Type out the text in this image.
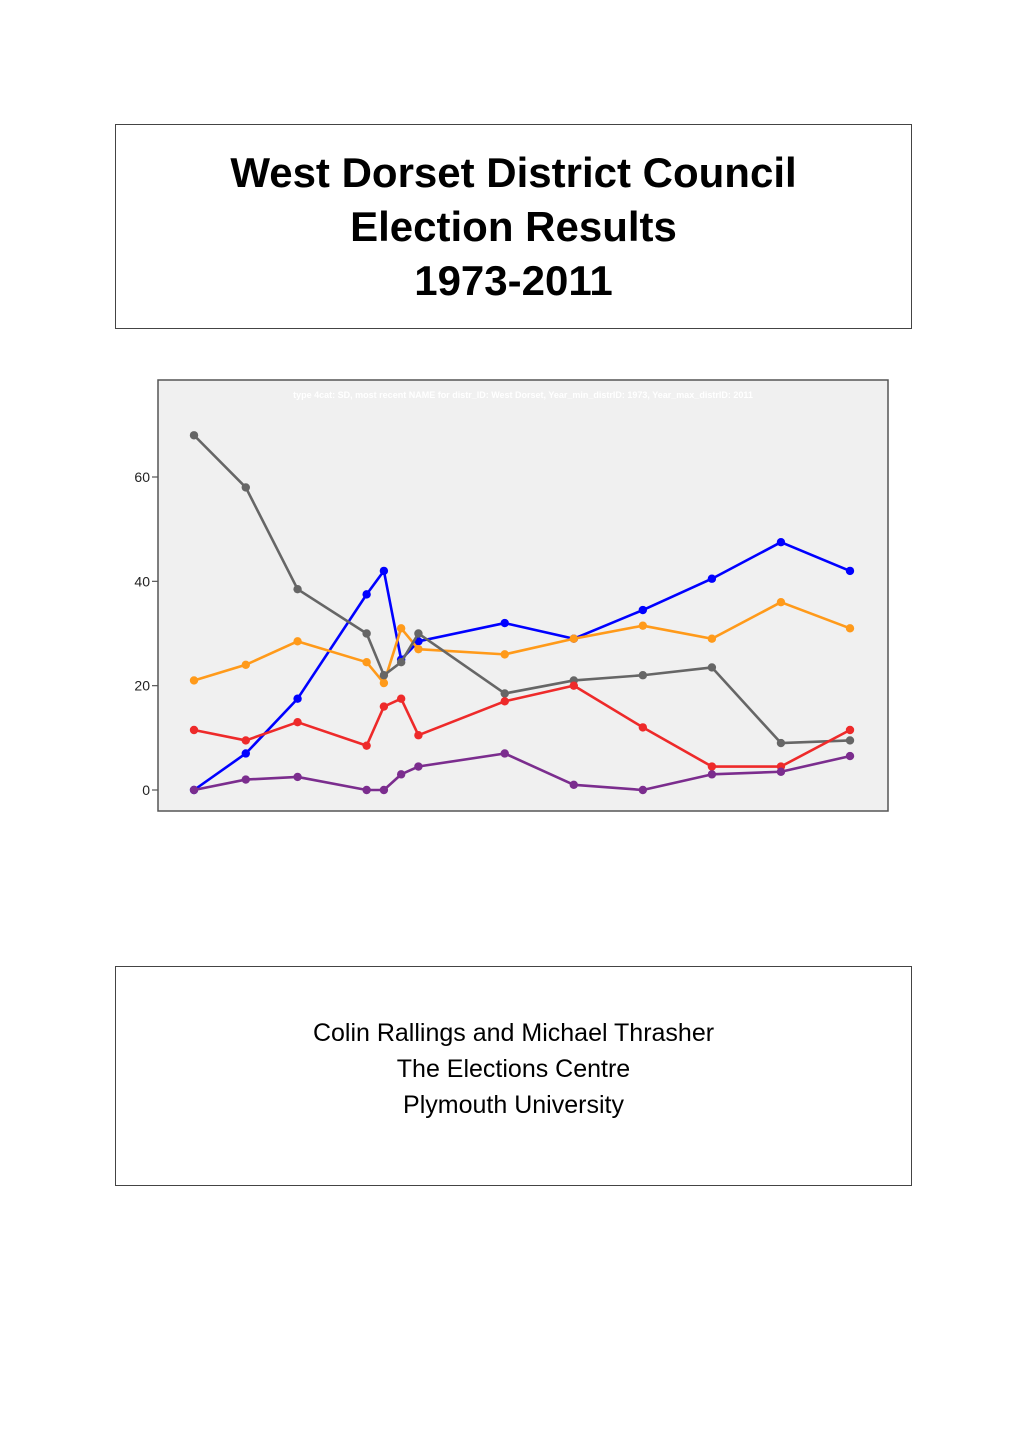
West Dorset District Council
Election Results
1973-2011
type 4cat: SD, most recent NAME for distr_ID: West Dorset, Year_min_distrID: 1973, Year_max_distrID: 2011
0
20
40
60
Colin Rallings and Michael Thrasher
The Elections Centre
Plymouth University
